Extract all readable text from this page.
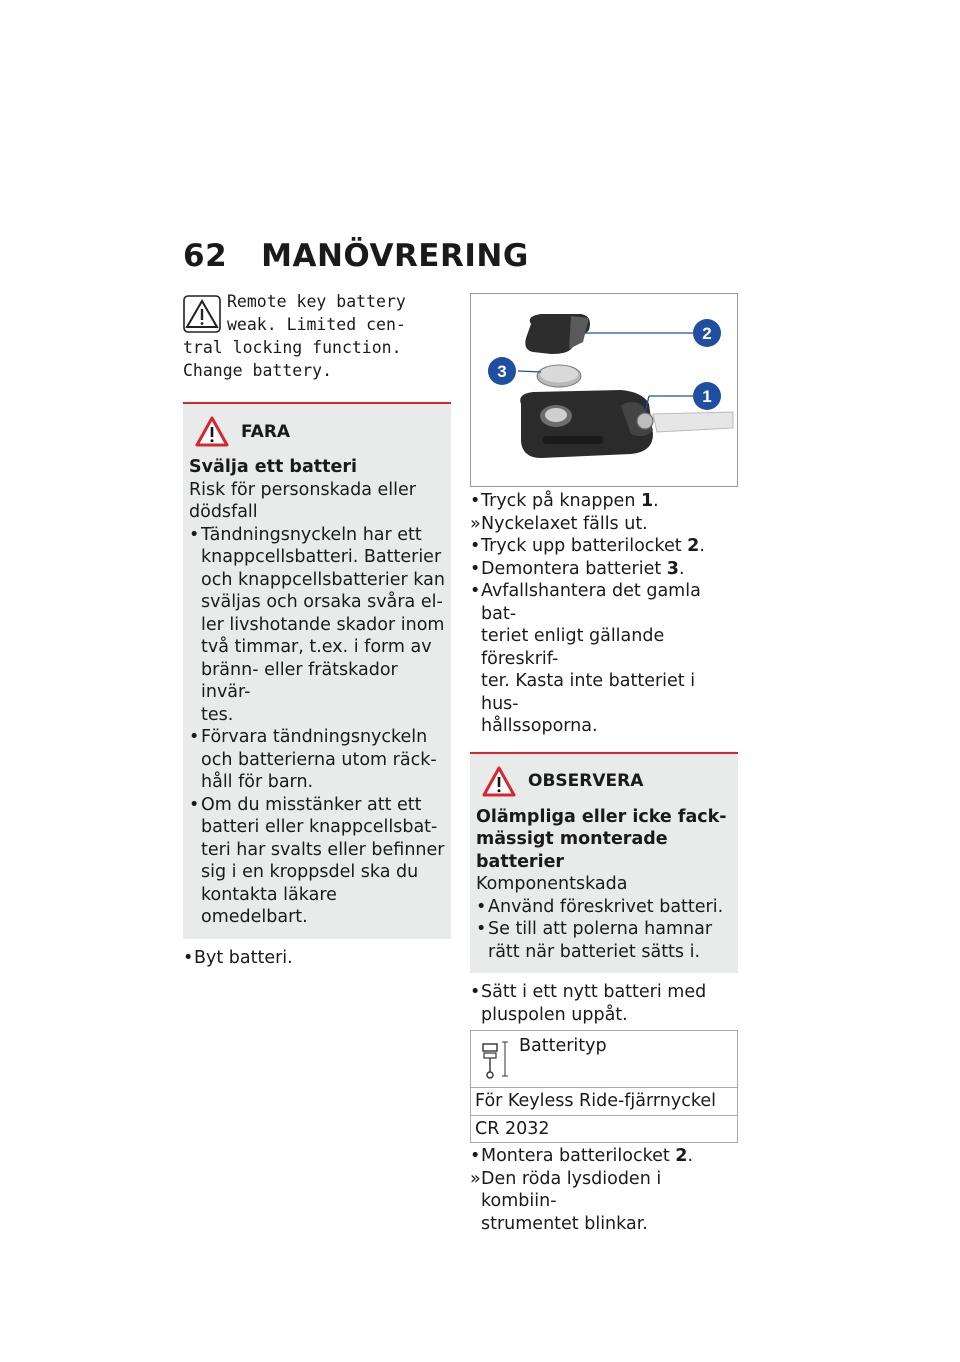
62 MANÖVRERING
Remote key battery
weak. Limited cen-
tral locking function.
Change battery.
FARA
Svälja ett batteri
Risk för personskada eller
dödsfall
• Tändningsnyckeln har ett
knappcellsbatteri. Batterier
och knappcellsbatterier kan
sväljas och orsaka svåra el-
ler livshotande skador inom
två timmar, t.ex. i form av
bränn- eller frätskador invär-
tes.
• Förvara tändningsnyckeln
och batterierna utom räck-
håll för barn.
• Om du misstänker att ett
batteri eller knappcellsbat-
teri har svalts eller befinner
sig i en kroppsdel ska du
kontakta läkare omedelbart.
• Byt batteri.
2
3
1
• Tryck på knappen 1.
» Nyckelaxet fälls ut.
• Tryck upp batterilocket 2.
• Demontera batteriet 3.
• Avfallshantera det gamla bat-
teriet enligt gällande föreskrif-
ter. Kasta inte batteriet i hus-
hållssoporna.
OBSERVERA
Olämpliga eller icke fack-
mässigt monterade batterier
Komponentskada
• Använd föreskrivet batteri.
• Se till att polerna hamnar
rätt när batteriet sätts i.
• Sätt i ett nytt batteri med
pluspolen uppåt.
Batterityp
För Keyless Ride-fjärrnyckel
CR 2032
• Montera batterilocket 2.
» Den röda lysdioden i kombiin-
strumentet blinkar.
